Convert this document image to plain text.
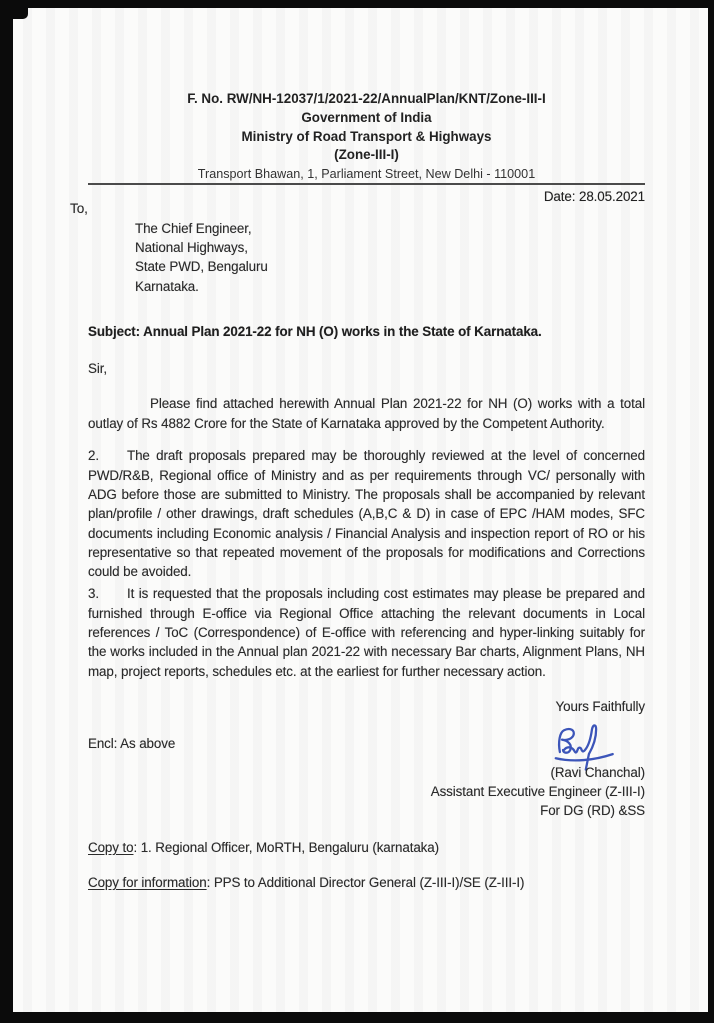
F. No. RW/NH-12037/1/2021-22/AnnualPlan/KNT/Zone-III-I
Government of India
Ministry of Road Transport & Highways
(Zone-III-I)
Transport Bhawan, 1, Parliament Street, New Delhi - 110001
Date: 28.05.2021
To,
The Chief Engineer,
National Highways,
State PWD, Bengaluru
Karnataka.
Subject: Annual Plan 2021-22 for NH (O) works in the State of Karnataka.
Sir,

Please find attached herewith Annual Plan 2021-22 for NH (O) works with a total outlay of Rs 4882 Crore for the State of Karnataka approved by the Competent Authority.

2. The draft proposals prepared may be thoroughly reviewed at the level of concerned PWD/R&B, Regional office of Ministry and as per requirements through VC/ personally with ADG before those are submitted to Ministry. The proposals shall be accompanied by relevant plan/profile / other drawings, draft schedules (A,B,C & D) in case of EPC /HAM modes, SFC documents including Economic analysis / Financial Analysis and inspection report of RO or his representative so that repeated movement of the proposals for modifications and Corrections could be avoided.

3. It is requested that the proposals including cost estimates may please be prepared and furnished through E-office via Regional Office attaching the relevant documents in Local references / ToC (Correspondence) of E-office with referencing and hyper-linking suitably for the works included in the Annual plan 2021-22 with necessary Bar charts, Alignment Plans, NH map, project reports, schedules etc. at the earliest for further necessary action.

Yours Faithfully
Encl: As above
(Ravi Chanchal)
Assistant Executive Engineer (Z-III-I)
For DG (RD) &SS
Copy to: 1. Regional Officer, MoRTH, Bengaluru (karnataka)
Copy for information: PPS to Additional Director General (Z-III-I)/SE (Z-III-I)
